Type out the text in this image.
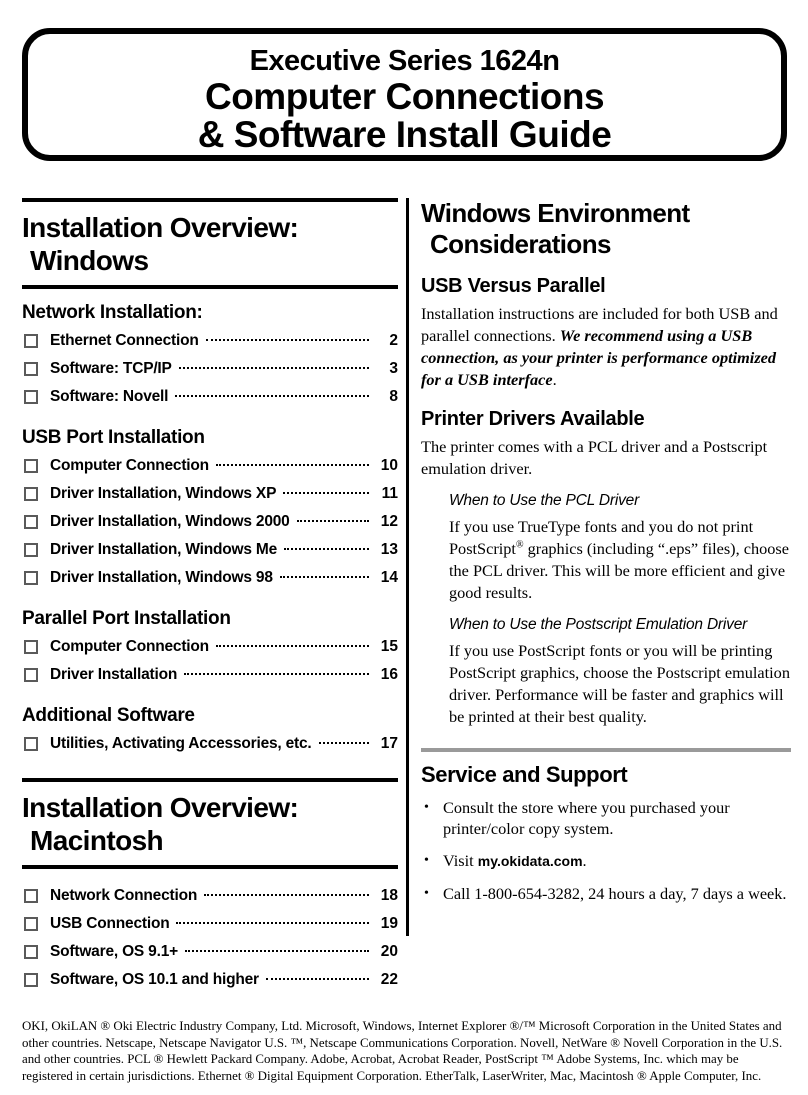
Executive Series 1624n
Computer Connections
& Software Install Guide
Installation Overview:
Windows
Network Installation:
Ethernet Connection	2
Software: TCP/IP	3
Software: Novell	8
USB Port Installation
Computer Connection	10
Driver Installation, Windows XP	11
Driver Installation, Windows 2000	12
Driver Installation, Windows Me	13
Driver Installation, Windows 98	14
Parallel Port Installation
Computer Connection	15
Driver Installation	16
Additional Software
Utilities, Activating Accessories, etc.	17
Installation Overview:
Macintosh
Network Connection	18
USB Connection	19
Software, OS 9.1+	20
Software, OS 10.1 and higher	22
Windows Environment
Considerations
USB Versus Parallel

Installation instructions are included for both USB and parallel connections. We recommend using a USB connection, as your printer is performance optimized for a USB interface.

Printer Drivers Available

The printer comes with a PCL driver and a Postscript emulation driver.

When to Use the PCL Driver

If you use TrueType fonts and you do not print PostScript® graphics (including “.eps” files), choose the PCL driver. This will be more efficient and give good results.

When to Use the Postscript Emulation Driver

If you use PostScript fonts or you will be printing PostScript graphics, choose the Postscript emulation driver. Performance will be faster and graphics will be printed at their best quality.

Service and Support
• Consult the store where you purchased your printer/color copy system.
• Visit my.okidata.com.
• Call 1-800-654-3282, 24 hours a day, 7 days a week.
OKI, OkiLAN ® Oki Electric Industry Company, Ltd. Microsoft, Windows, Internet Explorer ®/™ Microsoft Corporation in the United States and other countries. Netscape, Netscape Navigator U.S. ™, Netscape Communications Corporation. Novell, NetWare ® Novell Corporation in the U.S. and other countries. PCL ® Hewlett Packard Company. Adobe, Acrobat, Acrobat Reader, PostScript ™ Adobe Systems, Inc. which may be registered in certain jurisdictions. Ethernet ® Digital Equipment Corporation. EtherTalk, LaserWriter, Mac, Macintosh ® Apple Computer, Inc.
